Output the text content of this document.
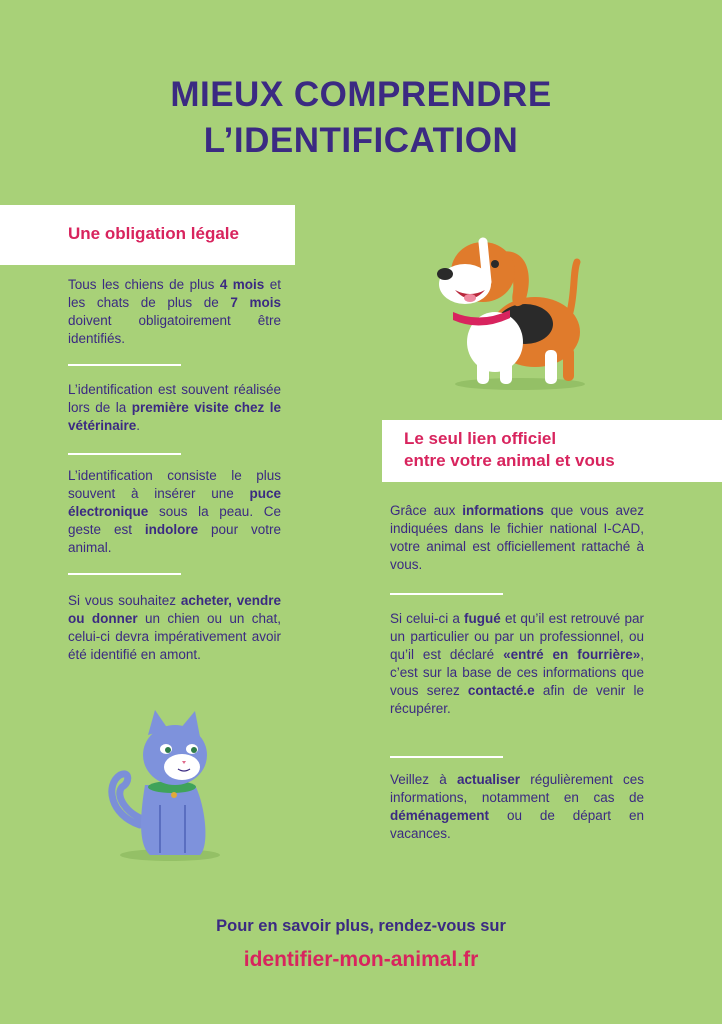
MIEUX COMPRENDRE
L’IDENTIFICATION
Une obligation légale
Tous les chiens de plus 4 mois et les chats de plus de 7 mois doivent obligatoirement être identifiés.
L’identification est souvent réalisée lors de la première visite chez le vétérinaire.
L’identification consiste le plus souvent à insérer une puce électronique sous la peau. Ce geste est indolore pour votre animal.
Si vous souhaitez acheter, vendre ou donner un chien ou un chat, celui-ci devra impérativement avoir été identifié en amont.
Le seul lien officiel
entre votre animal et vous
Grâce aux informations que vous avez indiquées dans le fichier national I-CAD, votre animal est officiellement rattaché à vous.
Si celui-ci a fugué et qu’il est retrouvé par un particulier ou par un professionnel, ou qu’il est déclaré «entré en fourrière», c’est sur la base de ces informations que vous serez contacté.e afin de venir le récupérer.
Veillez à actualiser régulièrement ces informations, notamment en cas de déménagement ou de départ en vacances.
Pour en savoir plus, rendez-vous sur
identifier-mon-animal.fr
